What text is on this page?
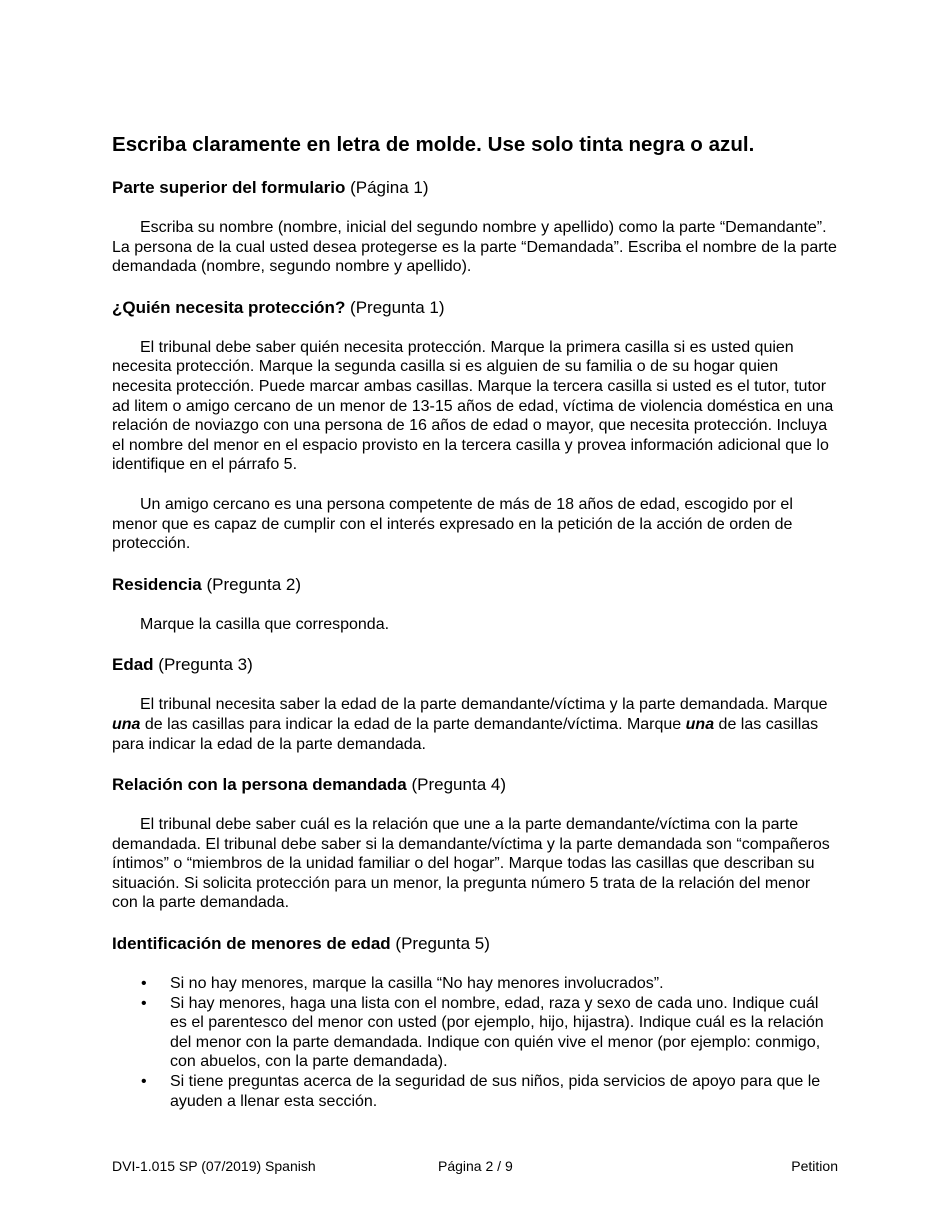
Escriba claramente en letra de molde. Use solo tinta negra o azul.
Parte superior del formulario (Página 1)

Escriba su nombre (nombre, inicial del segundo nombre y apellido) como la parte “Demandante”. La persona de la cual usted desea protegerse es la parte “Demandada”. Escriba el nombre de la parte demandada (nombre, segundo nombre y apellido).

¿Quién necesita protección? (Pregunta 1)

El tribunal debe saber quién necesita protección. Marque la primera casilla si es usted quien necesita protección. Marque la segunda casilla si es alguien de su familia o de su hogar quien necesita protección. Puede marcar ambas casillas. Marque la tercera casilla si usted es el tutor, tutor ad litem o amigo cercano de un menor de 13-15 años de edad, víctima de violencia doméstica en una relación de noviazgo con una persona de 16 años de edad o mayor, que necesita protección. Incluya el nombre del menor en el espacio provisto en la tercera casilla y provea información adicional que lo identifique en el párrafo 5.

Un amigo cercano es una persona competente de más de 18 años de edad, escogido por el menor que es capaz de cumplir con el interés expresado en la petición de la acción de orden de protección.

Residencia (Pregunta 2)

Marque la casilla que corresponda.

Edad (Pregunta 3)

El tribunal necesita saber la edad de la parte demandante/víctima y la parte demandada. Marque una de las casillas para indicar la edad de la parte demandante/víctima. Marque una de las casillas para indicar la edad de la parte demandada.

Relación con la persona demandada (Pregunta 4)

El tribunal debe saber cuál es la relación que une a la parte demandante/víctima con la parte demandada. El tribunal debe saber si la demandante/víctima y la parte demandada son “compañeros íntimos” o “miembros de la unidad familiar o del hogar”. Marque todas las casillas que describan su situación. Si solicita protección para un menor, la pregunta número 5 trata de la relación del menor con la parte demandada.

Identificación de menores de edad (Pregunta 5)
• Si no hay menores, marque la casilla “No hay menores involucrados”.
• Si hay menores, haga una lista con el nombre, edad, raza y sexo de cada uno. Indique cuál es el parentesco del menor con usted (por ejemplo, hijo, hijastra). Indique cuál es la relación del menor con la parte demandada. Indique con quién vive el menor (por ejemplo: conmigo, con abuelos, con la parte demandada).
• Si tiene preguntas acerca de la seguridad de sus niños, pida servicios de apoyo para que le ayuden a llenar esta sección.
DVI-1.015 SP (07/2019) Spanish	Página 2 / 9	Petition
